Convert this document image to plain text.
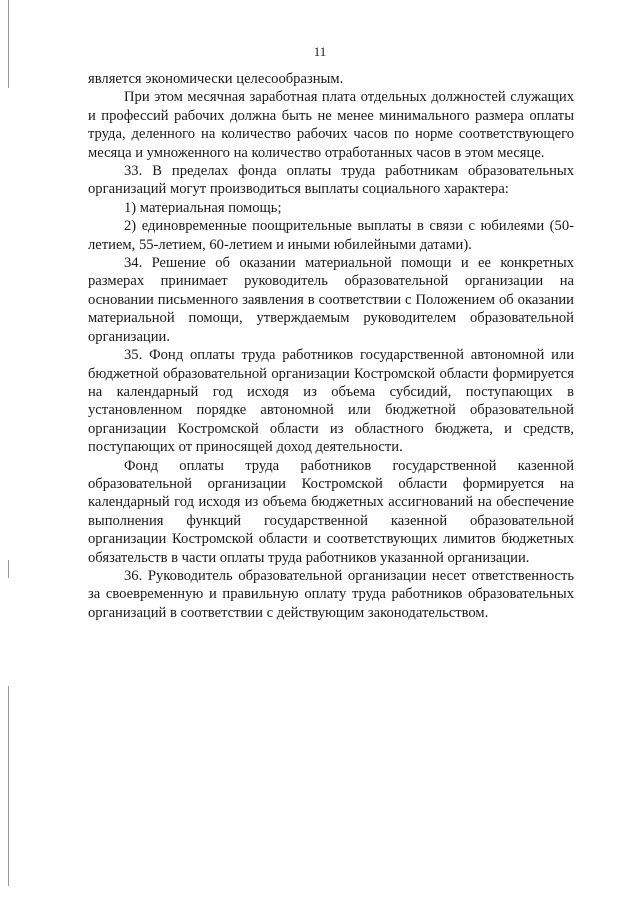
11

является экономически целесообразным.

При этом месячная заработная плата отдельных должностей служащих и профессий рабочих должна быть не менее минимального размера оплаты труда, деленного на количество рабочих часов по норме соответствующего месяца и умноженного на количество отработанных часов в этом месяце.

33. В пределах фонда оплаты труда работникам образовательных организаций могут производиться выплаты социального характера:

1) материальная помощь;

2) единовременные поощрительные выплаты в связи с юбилеями (50-летием, 55-летием, 60-летием и иными юбилейными датами).

34. Решение об оказании материальной помощи и ее конкретных размерах принимает руководитель образовательной организации на основании письменного заявления в соответствии с Положением об оказании материальной помощи, утверждаемым руководителем образовательной организации.

35. Фонд оплаты труда работников государственной автономной или бюджетной образовательной организации Костромской области формируется на календарный год исходя из объема субсидий, поступающих в установленном порядке автономной или бюджетной образовательной организации Костромской области из областного бюджета, и средств, поступающих от приносящей доход деятельности.

Фонд оплаты труда работников государственной казенной образовательной организации Костромской области формируется на календарный год исходя из объема бюджетных ассигнований на обеспечение выполнения функций государственной казенной образовательной организации Костромской области и соответствующих лимитов бюджетных обязательств в части оплаты труда работников указанной организации.

36. Руководитель образовательной организации несет ответственность за своевременную и правильную оплату труда работников образовательных организаций в соответствии с действующим законодательством.
